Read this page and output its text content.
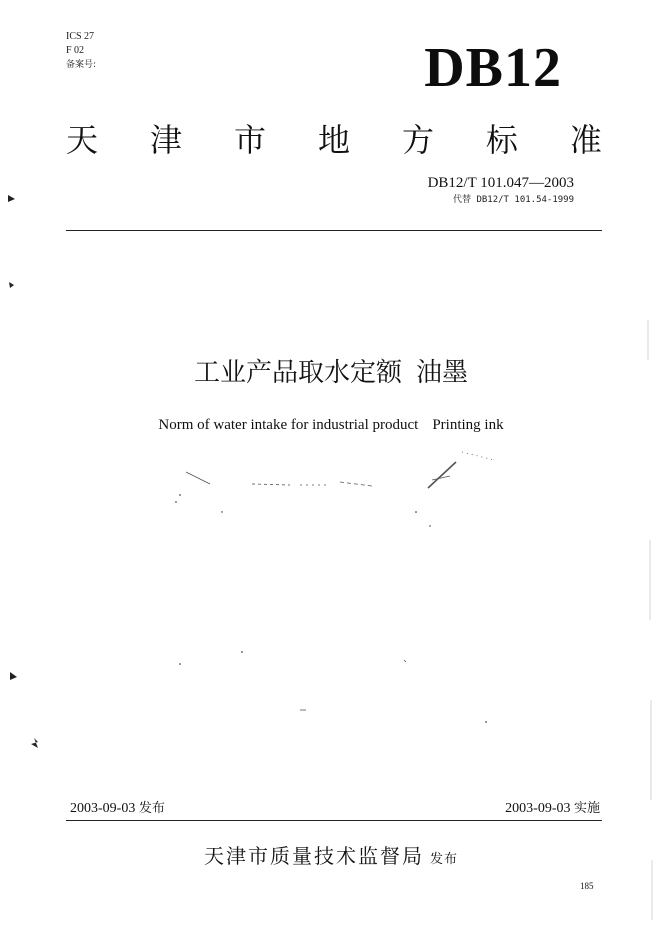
ICS 27
F 02
备案号:	DB12
天 津 市 地 方 标 准
DB12/T 101.047—2003
代替 DB12/T 101.54-1999
工业产品取水定额 油墨
Norm of water intake for industrial product Printing ink
2003-09-03 发布	2003-09-03 实施
天津市质量技术监督局 发布
185
